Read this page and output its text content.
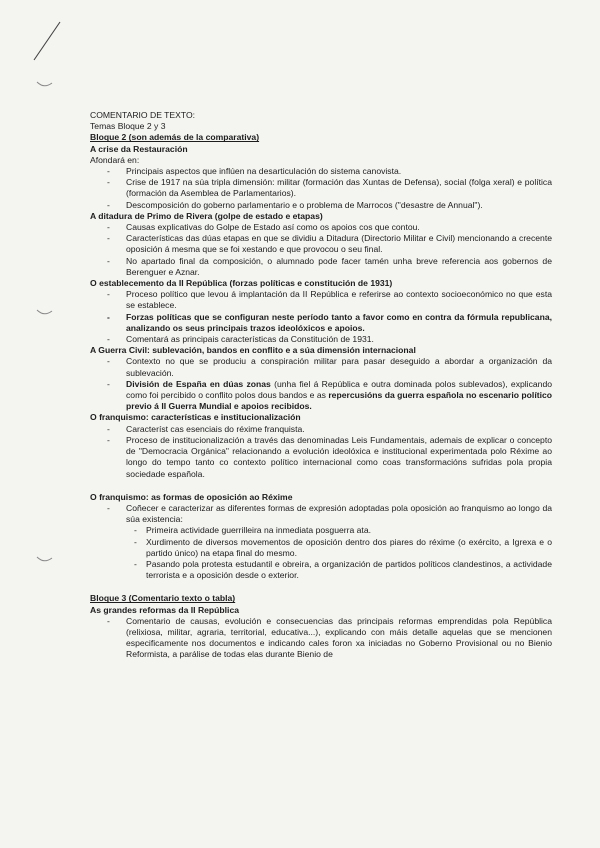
COMENTARIO DE TEXTO:

Temas Bloque 2 y 3

Bloque 2 (son además de la comparativa)

A crise da Restauración

Afondará en:

- Principais aspectos que inflúen na desarticulación do sistema canovista.
- Crise de 1917 na súa tripla dimensión: militar (formación das Xuntas de Defensa), social (folga xeral) e política (formación da Asemblea de Parlamentarios).
- Descomposición do goberno parlamentario e o problema de Marrocos ("desastre de Annual").

A ditadura de Primo de Rivera (golpe de estado e etapas)

- Causas explicativas do Golpe de Estado así como os apoios cos que contou.
- Características das dúas etapas en que se dividiu a Ditadura (Directorio Militar e Civil) mencionando a crecente oposición á mesma que se foi xestando e que provocou o seu final.
- No apartado final da composición, o alumnado pode facer tamén unha breve referencia aos gobernos de Berenguer e Aznar.

O establecemento da II República (forzas políticas e constitución de 1931)

- Proceso político que levou á implantación da II República e referirse ao contexto socioeconómico no que esta se establece.
- Forzas políticas que se configuran neste período tanto a favor como en contra da fórmula republicana, analizando os seus principais trazos ideolóxicos e apoios.
- Comentará as principais características da Constitución de 1931.

A Guerra Civil: sublevación, bandos en conflito e a súa dimensión internacional

- Contexto no que se produciu a conspiración militar para pasar deseguido a abordar a organización da sublevación.
- División de España en dúas zonas (unha fiel á República e outra dominada polos sublevados), explicando como foi percibido o conflito polos dous bandos e as repercusións da guerra española no escenario político previo á II Guerra Mundial e apoios recibidos.

O franquismo: características e institucionalización

- Característ cas esenciais do réxime franquista.
- Proceso de institucionalización a través das denominadas Leis Fundamentais, ademais de explicar o concepto de "Democracia Orgánica" relacionando a evolución ideolóxica e institucional experimentada polo Réxime ao longo do tempo tanto co contexto político internacional como coas transformacións sufridas pola propia sociedade española.

O franquismo: as formas de oposición ao Réxime

- Coñecer e caracterizar as diferentes formas de expresión adoptadas pola oposición ao franquismo ao longo da súa existencia:
- Primeira actividade guerrilleira na inmediata posguerra ata.
- Xurdimento de diversos movementos de oposición dentro dos piares do réxime (o exército, a Igrexa e o partido único) na etapa final do mesmo.
- Pasando pola protesta estudantil e obreira, a organización de partidos políticos clandestinos, a actividade terrorista e a oposición desde o exterior.

Bloque 3 (Comentario texto o tabla)

As grandes reformas da II República

- Comentario de causas, evolución e consecuencias das principais reformas emprendidas pola República (relixiosa, militar, agraria, territorial, educativa...), explicando con máis detalle aquelas que se mencionen especificamente nos documentos e indicando cales foron xa iniciadas no Goberno Provisional ou no Bienio Reformista, a parálise de todas elas durante Bienio de
